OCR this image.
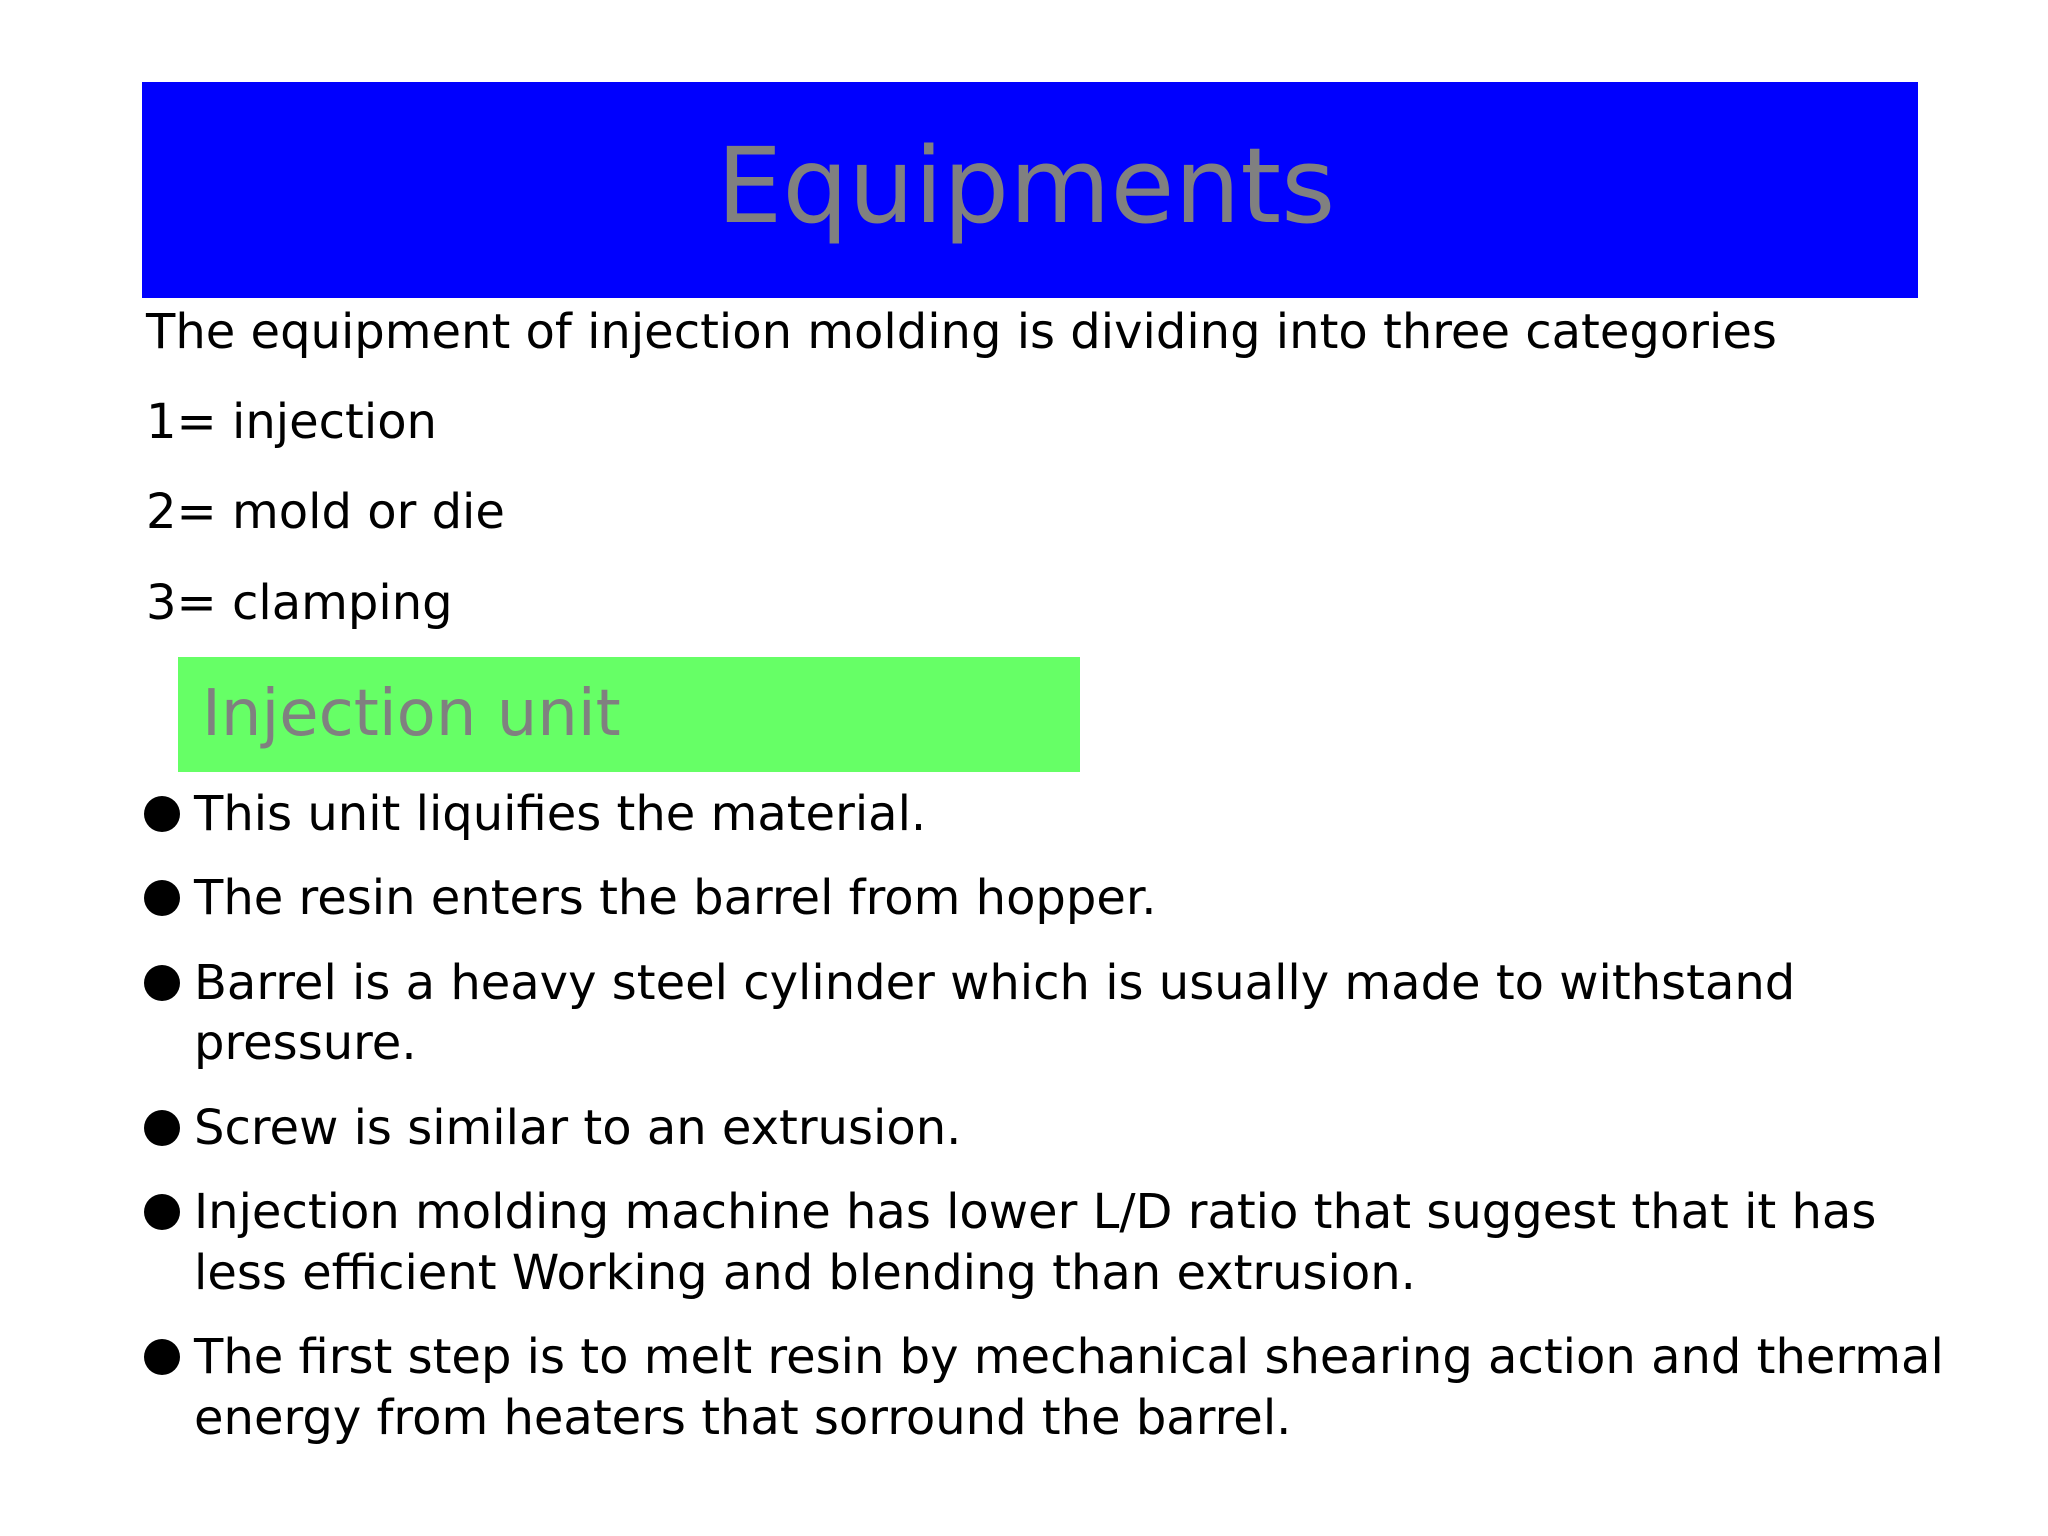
Equipments
The equipment of injection molding is dividing into three categories
1= injection
2= mold or die
3= clamping
Injection unit
This unit liquifies the material.
The resin enters the barrel from hopper.
Barrel is a heavy steel cylinder which is usually made to withstand
pressure.
Screw is similar to an extrusion.
Injection molding machine has lower L/D ratio that suggest that it has
less efficient Working and blending than extrusion.
The first step is to melt resin by mechanical shearing action and thermal
energy from heaters that sorround the barrel.
